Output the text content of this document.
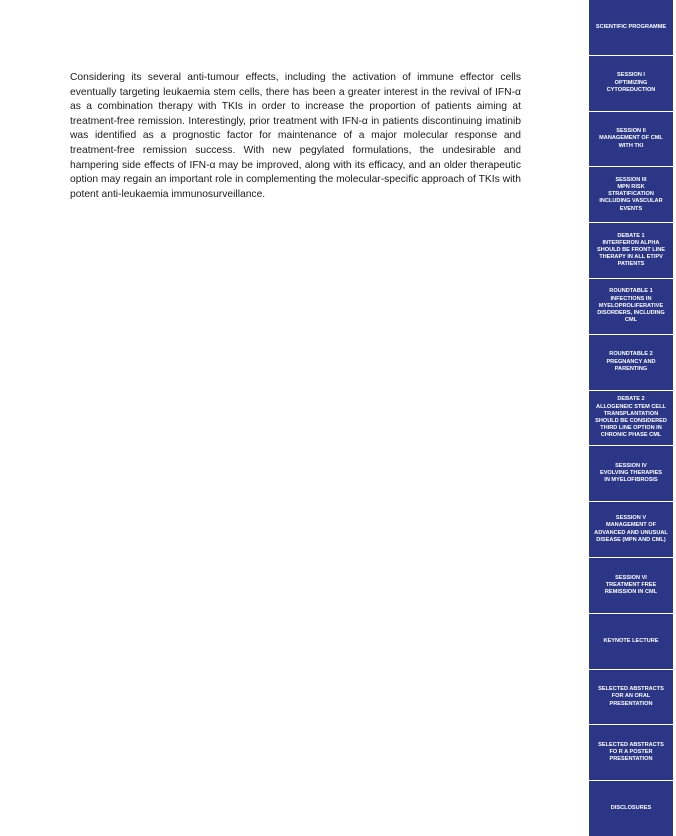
Considering its several anti-tumour effects, including the activation of immune effector cells eventually targeting leukaemia stem cells, there has been a greater interest in the revival of IFN-α as a combination therapy with TKIs in order to increase the proportion of patients aiming at treatment-free remission. Interestingly, prior treatment with IFN-α in patients discontinuing imatinib was identified as a prognostic factor for maintenance of a major molecular response and treatment-free remission success. With new pegylated formulations, the undesirable and hampering side effects of IFN-α may be improved, along with its efficacy, and an older therapeutic option may regain an important role in complementing the molecular-specific approach of TKIs with potent anti-leukaemia immunosurveillance.

SCIENTIFIC PROGRAMME
SESSION I
OPTIMIZING
CYTOREDUCTION
SESSION II
MANAGEMENT OF CML
WITH TKI
SESSION III
MPN RISK
STRATIFICATION
INCLUDING VASCULAR
EVENTS
DEBATE 1
INTERFERON ALPHA
SHOULD BE FRONT LINE
THERAPY IN ALL ET/PV
PATIENTS
ROUNDTABLE 1
INFECTIONS IN
MYELOPROLIFERATIVE
DISORDERS, INCLUDING
CML
ROUNDTABLE 2
PREGNANCY AND
PARENTING
DEBATE 2
ALLOGENEIC STEM CELL
TRANSPLANTATION
SHOULD BE CONSIDERED
THIRD LINE OPTION IN
CHRONIC PHASE CML
SESSION IV
EVOLVING THERAPIES
IN MYELOFIBROSIS
SESSION V
MANAGEMENT OF
ADVANCED AND UNUSUAL
DISEASE (MPN AND CML)
SESSION VI
TREATMENT FREE
REMISSION IN CML
KEYNOTE LECTURE
SELECTED ABSTRACTS
FOR AN ORAL
PRESENTATION
SELECTED ABSTRACTS
FO R A POSTER
PRESENTATION
DISCLOSURES
